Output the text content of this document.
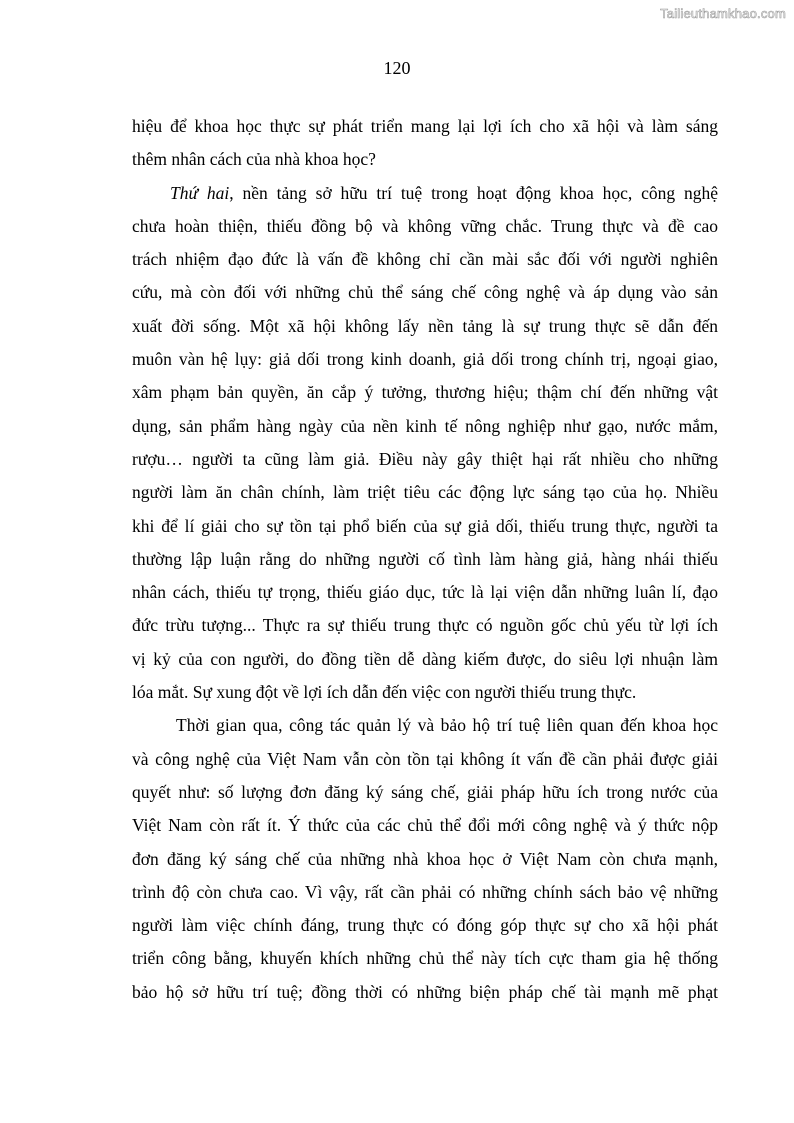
Tailieuthamkhao.com
120
hiệu để khoa học thực sự phát triển mang lại lợi ích cho xã hội và làm sáng
thêm nhân cách của nhà khoa học?
Thứ hai, nền tảng sở hữu trí tuệ trong hoạt động khoa học, công nghệ
chưa hoàn thiện, thiếu đồng bộ và không vững chắc. Trung thực và đề cao
trách nhiệm đạo đức là vấn đề không chỉ cần mài sắc đối với người nghiên
cứu, mà còn đối với những chủ thể sáng chế công nghệ và áp dụng vào sản
xuất đời sống. Một xã hội không lấy nền tảng là sự trung thực sẽ dẫn đến
muôn vàn hệ lụy: giả dối trong kinh doanh, giả dối trong chính trị, ngoại giao,
xâm phạm bản quyền, ăn cắp ý tưởng, thương hiệu; thậm chí đến những vật
dụng, sản phẩm hàng ngày của nền kinh tế nông nghiệp như gạo, nước mắm,
rượu… người ta cũng làm giả. Điều này gây thiệt hại rất nhiều cho những
người làm ăn chân chính, làm triệt tiêu các động lực sáng tạo của họ. Nhiều
khi để lí giải cho sự tồn tại phổ biến của sự giả dối, thiếu trung thực, người ta
thường lập luận rằng do những người cố tình làm hàng giả, hàng nhái thiếu
nhân cách, thiếu tự trọng, thiếu giáo dục, tức là lại viện dẫn những luân lí, đạo
đức trừu tượng... Thực ra sự thiếu trung thực có nguồn gốc chủ yếu từ lợi ích
vị kỷ của con người, do đồng tiền dễ dàng kiếm được, do siêu lợi nhuận làm
lóa mắt. Sự xung đột về lợi ích dẫn đến việc con người thiếu trung thực.
Thời gian qua, công tác quản lý và bảo hộ trí tuệ liên quan đến khoa học
và công nghệ của Việt Nam vẫn còn tồn tại không ít vấn đề cần phải được giải
quyết như: số lượng đơn đăng ký sáng chế, giải pháp hữu ích trong nước của
Việt Nam còn rất ít. Ý thức của các chủ thể đổi mới công nghệ và ý thức nộp
đơn đăng ký sáng chế của những nhà khoa học ở Việt Nam còn chưa mạnh,
trình độ còn chưa cao. Vì vậy, rất cần phải có những chính sách bảo vệ những
người làm việc chính đáng, trung thực có đóng góp thực sự cho xã hội phát
triển công bằng, khuyến khích những chủ thể này tích cực tham gia hệ thống
bảo hộ sở hữu trí tuệ; đồng thời có những biện pháp chế tài mạnh mẽ phạt
